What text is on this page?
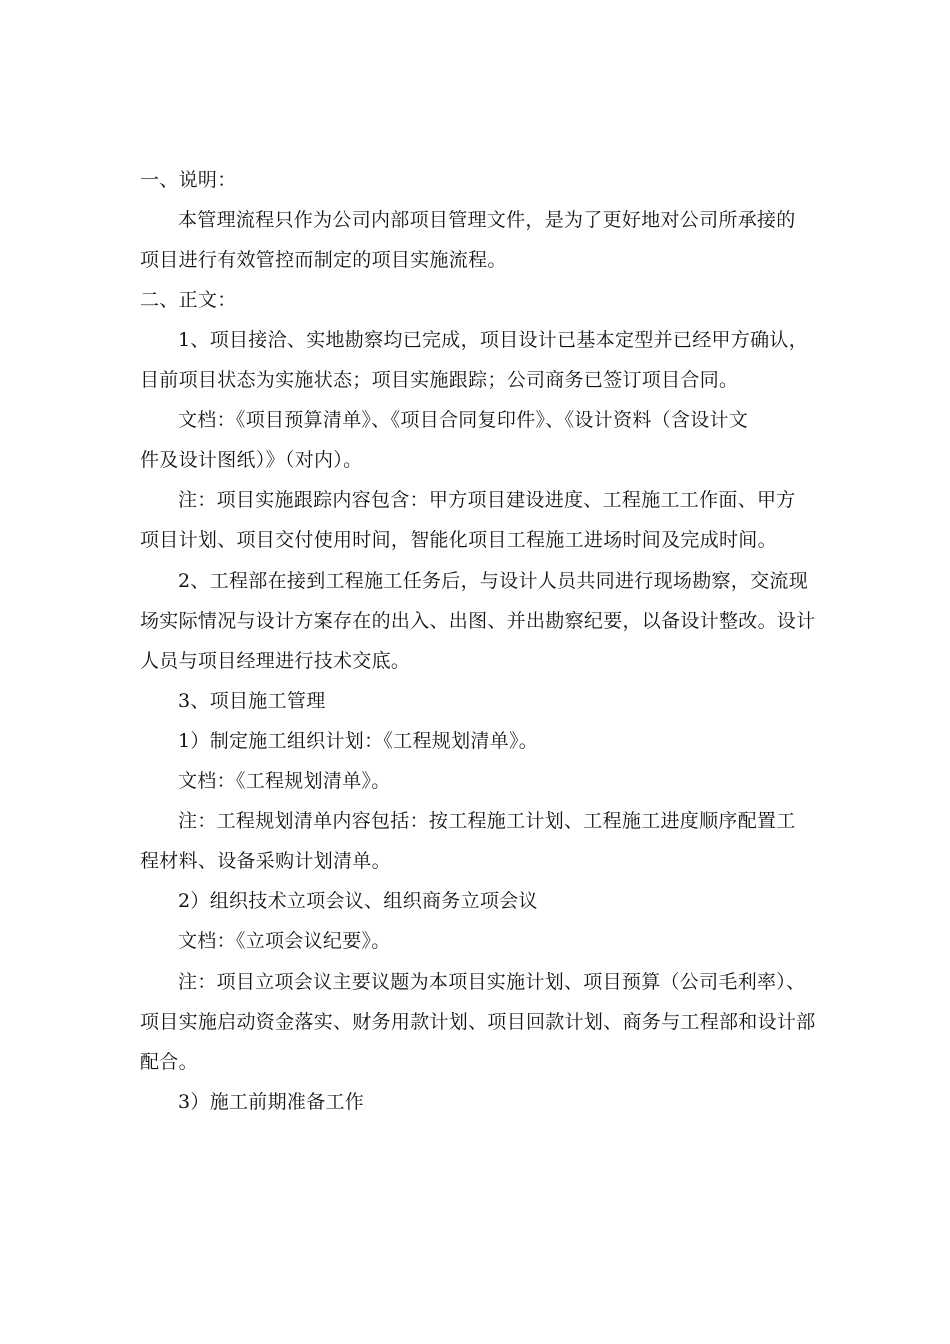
一、说明：
本管理流程只作为公司内部项目管理文件，是为了更好地对公司所承接的
项目进行有效管控而制定的项目实施流程。
二、正文：
1、项目接洽、实地勘察均已完成，项目设计已基本定型并已经甲方确认，
目前项目状态为实施状态；项目实施跟踪；公司商务已签订项目合同。
文档：《项目预算清单》、《项目合同复印件》、《设计资料（含设计文
件及设计图纸）》（对内）。
注：项目实施跟踪内容包含：甲方项目建设进度、工程施工工作面、甲方
项目计划、项目交付使用时间，智能化项目工程施工进场时间及完成时间。
2、工程部在接到工程施工任务后，与设计人员共同进行现场勘察，交流现
场实际情况与设计方案存在的出入、出图、并出勘察纪要，以备设计整改。设计
人员与项目经理进行技术交底。
3、项目施工管理
1）制定施工组织计划：《工程规划清单》。
文档：《工程规划清单》。
注：工程规划清单内容包括：按工程施工计划、工程施工进度顺序配置工
程材料、设备采购计划清单。
2）组织技术立项会议、组织商务立项会议
文档：《立项会议纪要》。
注：项目立项会议主要议题为本项目实施计划、项目预算（公司毛利率）、
项目实施启动资金落实、财务用款计划、项目回款计划、商务与工程部和设计部
配合。
3）施工前期准备工作
